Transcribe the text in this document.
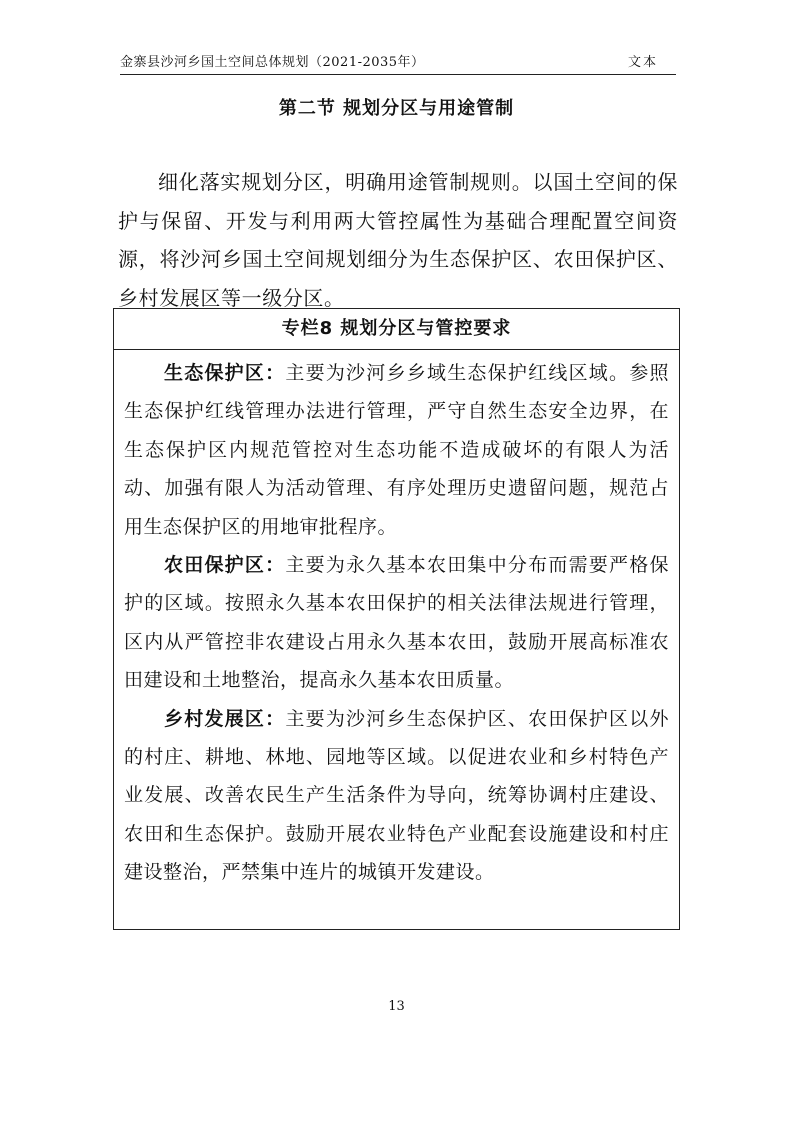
金寨县沙河乡国土空间总体规划（2021-2035年）	文本
第二节 规划分区与用途管制

细化落实规划分区，明确用途管制规则。以国土空间的保护与保留、开发与利用两大管控属性为基础合理配置空间资源，将沙河乡国土空间规划细分为生态保护区、农田保护区、乡村发展区等一级分区。

专栏8 规划分区与管控要求

生态保护区：主要为沙河乡乡域生态保护红线区域。参照生态保护红线管理办法进行管理，严守自然生态安全边界，在生态保护区内规范管控对生态功能不造成破坏的有限人为活动、加强有限人为活动管理、有序处理历史遗留问题，规范占用生态保护区的用地审批程序。

农田保护区：主要为永久基本农田集中分布而需要严格保护的区域。按照永久基本农田保护的相关法律法规进行管理，区内从严管控非农建设占用永久基本农田，鼓励开展高标准农田建设和土地整治，提高永久基本农田质量。

乡村发展区：主要为沙河乡生态保护区、农田保护区以外的村庄、耕地、林地、园地等区域。以促进农业和乡村特色产业发展、改善农民生产生活条件为导向，统筹协调村庄建设、农田和生态保护。鼓励开展农业特色产业配套设施建设和村庄建设整治，严禁集中连片的城镇开发建设。

13
